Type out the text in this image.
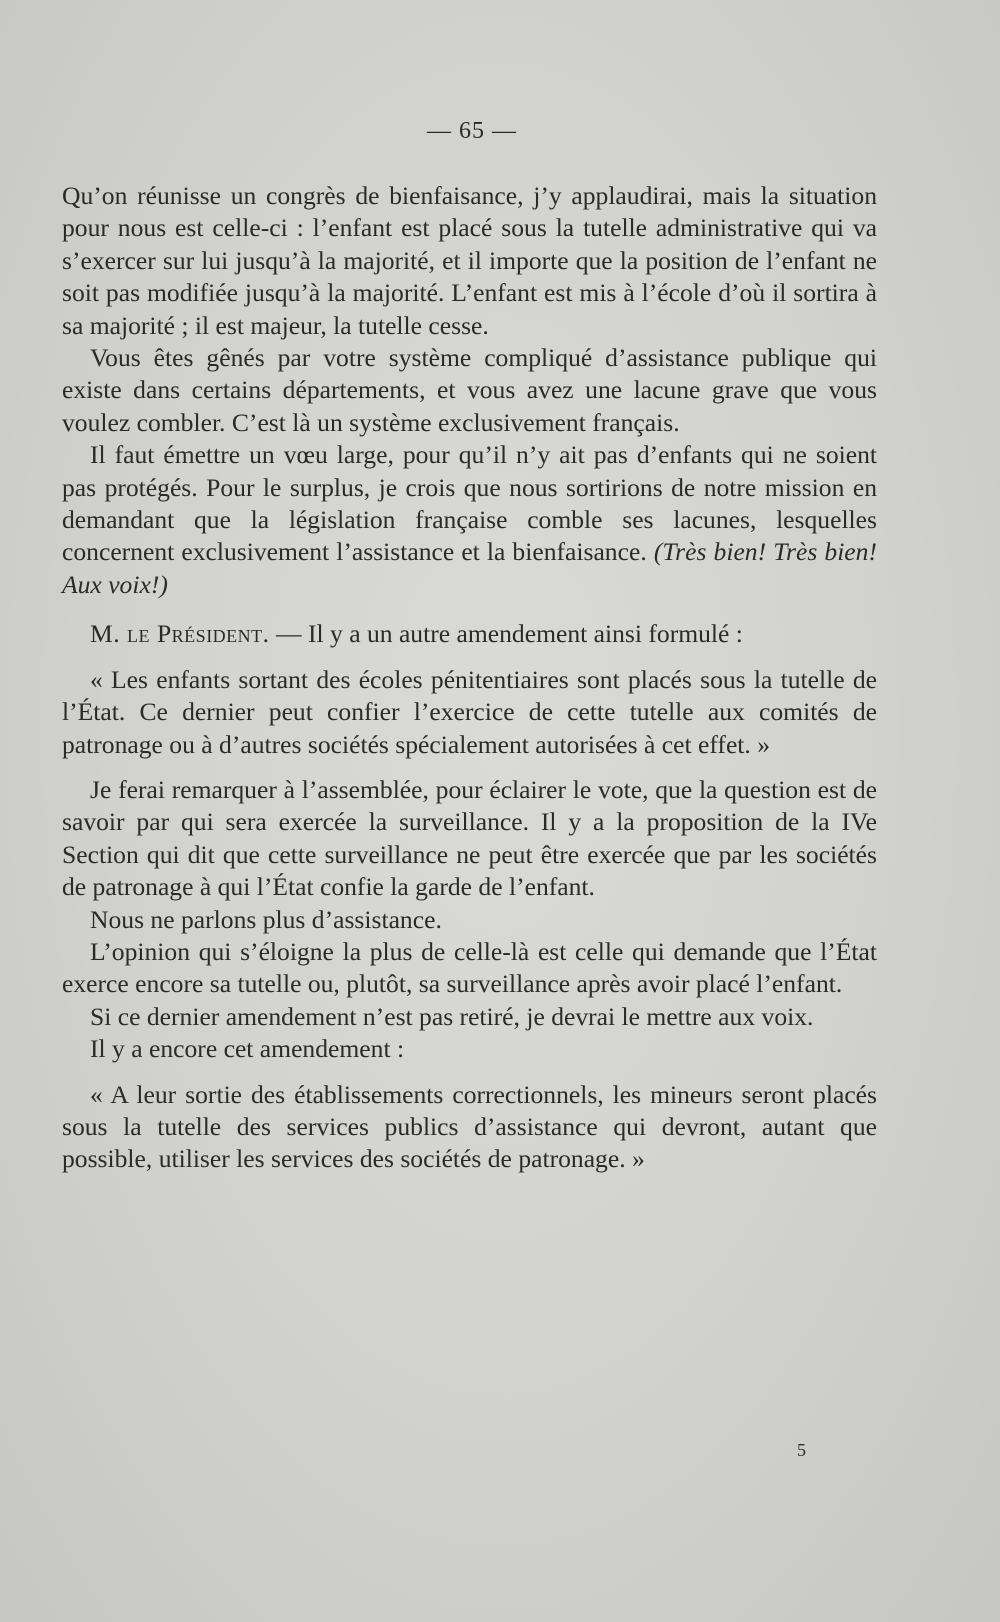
— 65 —

Qu’on réunisse un congrès de bienfaisance, j’y applaudirai, mais la situation pour nous est celle-ci : l’enfant est placé sous la tutelle administrative qui va s’exercer sur lui jusqu’à la majorité, et il importe que la position de l’enfant ne soit pas modifiée jusqu’à la majorité. L’enfant est mis à l’école d’où il sortira à sa majorité ; il est majeur, la tutelle cesse.

Vous êtes gênés par votre système compliqué d’assistance publique qui existe dans certains départements, et vous avez une lacune grave que vous voulez combler. C’est là un système exclusivement français.

Il faut émettre un vœu large, pour qu’il n’y ait pas d’enfants qui ne soient pas protégés. Pour le surplus, je crois que nous sortirions de notre mission en demandant que la législation française comble ses lacunes, lesquelles concernent exclusivement l’assistance et la bienfaisance. (Très bien! Très bien! Aux voix!)

M. le Président. — Il y a un autre amendement ainsi formulé :

« Les enfants sortant des écoles pénitentiaires sont placés sous la tutelle de l’État. Ce dernier peut confier l’exercice de cette tutelle aux comités de patronage ou à d’autres sociétés spécialement autorisées à cet effet. »

Je ferai remarquer à l’assemblée, pour éclairer le vote, que la question est de savoir par qui sera exercée la surveillance. Il y a la proposition de la IVe Section qui dit que cette surveillance ne peut être exercée que par les sociétés de patronage à qui l’État confie la garde de l’enfant.

Nous ne parlons plus d’assistance.

L’opinion qui s’éloigne la plus de celle-là est celle qui demande que l’État exerce encore sa tutelle ou, plutôt, sa surveillance après avoir placé l’enfant.

Si ce dernier amendement n’est pas retiré, je devrai le mettre aux voix.

Il y a encore cet amendement :

« A leur sortie des établissements correctionnels, les mineurs seront placés sous la tutelle des services publics d’assistance qui devront, autant que possible, utiliser les services des sociétés de patronage. »

5
